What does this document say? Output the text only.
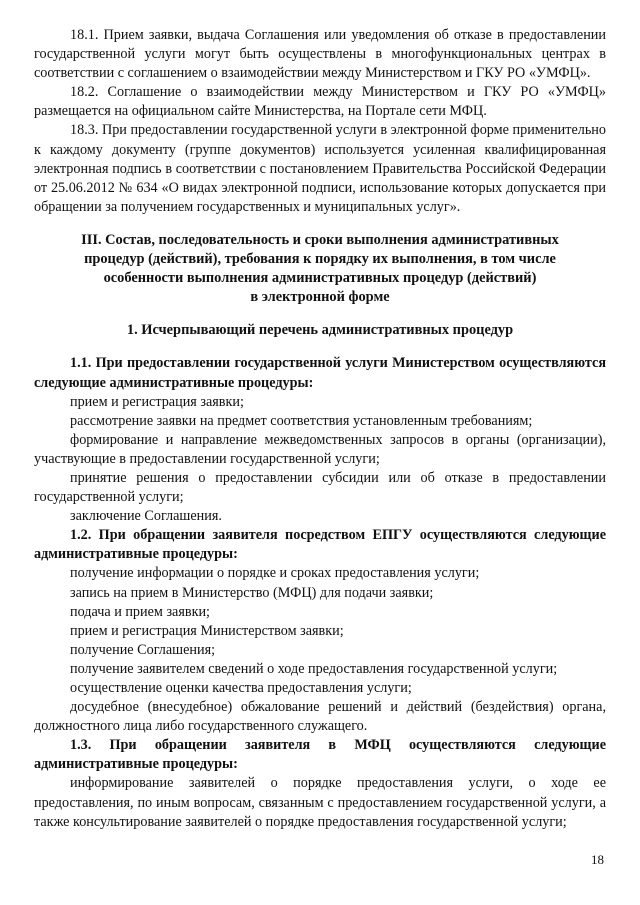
18.1. Прием заявки, выдача Соглашения или уведомления об отказе в предоставлении государственной услуги могут быть осуществлены в многофункциональных центрах в соответствии с соглашением о взаимодействии между Министерством и ГКУ РО «УМФЦ».

18.2. Соглашение о взаимодействии между Министерством и ГКУ РО «УМФЦ» размещается на официальном сайте Министерства, на Портале сети МФЦ.

18.3. При предоставлении государственной услуги в электронной форме применительно к каждому документу (группе документов) используется усиленная квалифицированная электронная подпись в соответствии с постановлением Правительства Российской Федерации от 25.06.2012 № 634 «О видах электронной подписи, использование которых допускается при обращении за получением государственных и муниципальных услуг».

III. Состав, последовательность и сроки выполнения административных
процедур (действий), требования к порядку их выполнения, в том числе
особенности выполнения административных процедур (действий)
в электронной форме
1. Исчерпывающий перечень административных процедур

1.1. При предоставлении государственной услуги Министерством осуществляются следующие административные процедуры:

прием и регистрация заявки;

рассмотрение заявки на предмет соответствия установленным требованиям;

формирование и направление межведомственных запросов в органы (организации), участвующие в предоставлении государственной услуги;

принятие решения о предоставлении субсидии или об отказе в предоставлении государственной услуги;

заключение Соглашения.

1.2. При обращении заявителя посредством ЕПГУ осуществляются следующие административные процедуры:

получение информации о порядке и сроках предоставления услуги;

запись на прием в Министерство (МФЦ) для подачи заявки;

подача и прием заявки;

прием и регистрация Министерством заявки;

получение Соглашения;

получение заявителем сведений о ходе предоставления государственной услуги;

осуществление оценки качества предоставления услуги;

досудебное (внесудебное) обжалование решений и действий (бездействия) органа, должностного лица либо государственного служащего.

1.3. При обращении заявителя в МФЦ осуществляются следующие административные процедуры:

информирование заявителей о порядке предоставления услуги, о ходе ее предоставления, по иным вопросам, связанным с предоставлением государственной услуги, а также консультирование заявителей о порядке предоставления государственной услуги;

18
